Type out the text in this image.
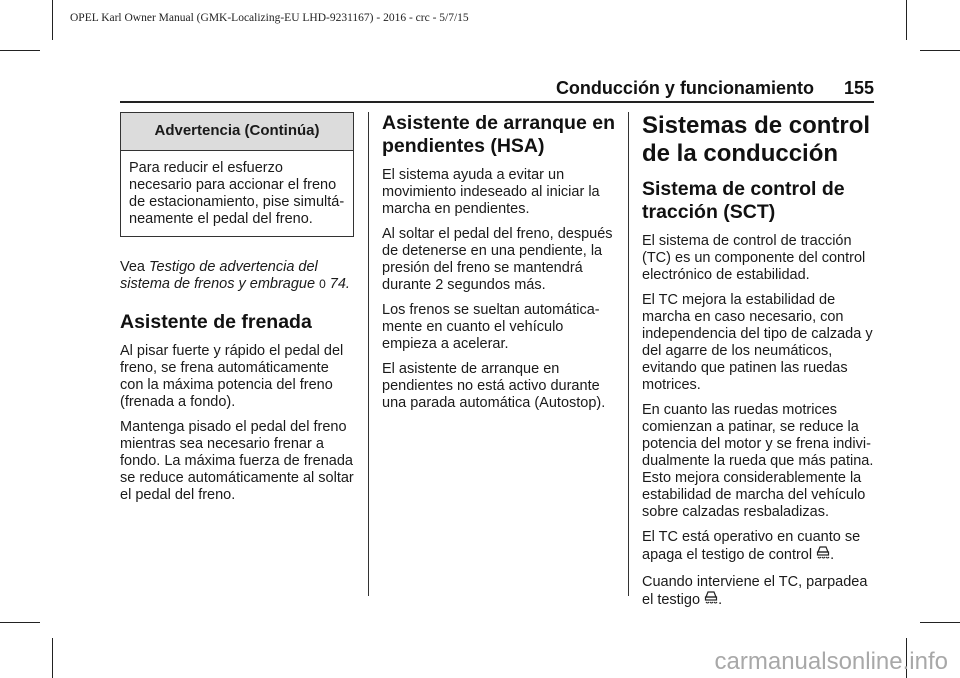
OPEL Karl Owner Manual (GMK-Localizing-EU LHD-9231167) - 2016 - crc - 5/7/15
Conducción y funcionamiento 155
Advertencia (Continúa)
Para reducir el esfuerzo necesario para accionar el freno de estacionamiento, pise simultá-neamente el pedal del freno.

Vea Testigo de advertencia del sistema de frenos y embrague 0 74.

Asistente de frenada

Al pisar fuerte y rápido el pedal del freno, se frena automáticamente con la máxima potencia del freno (frenada a fondo).

Mantenga pisado el pedal del freno mientras sea necesario frenar a fondo. La máxima fuerza de frenada se reduce automáticamente al soltar el pedal del freno.

Asistente de arranque en pendientes (HSA)

El sistema ayuda a evitar un movimiento indeseado al iniciar la marcha en pendientes.

Al soltar el pedal del freno, después de detenerse en una pendiente, la presión del freno se mantendrá durante 2 segundos más.

Los frenos se sueltan automática-mente en cuanto el vehículo empieza a acelerar.

El asistente de arranque en pendientes no está activo durante una parada automática (Autostop).

Sistemas de control de la conducción
Sistema de control de tracción (SCT)

El sistema de control de tracción (TC) es un componente del control electrónico de estabilidad.

El TC mejora la estabilidad de marcha en caso necesario, con independencia del tipo de calzada y del agarre de los neumáticos, evitando que patinen las ruedas motrices.

En cuanto las ruedas motrices comienzan a patinar, se reduce la potencia del motor y se frena indivi-dualmente la rueda que más patina. Esto mejora considerablemente la estabilidad de marcha del vehículo sobre calzadas resbaladizas.

El TC está operativo en cuanto se apaga el testigo de control .

Cuando interviene el TC, parpadea el testigo .

carmanualsonline.info
